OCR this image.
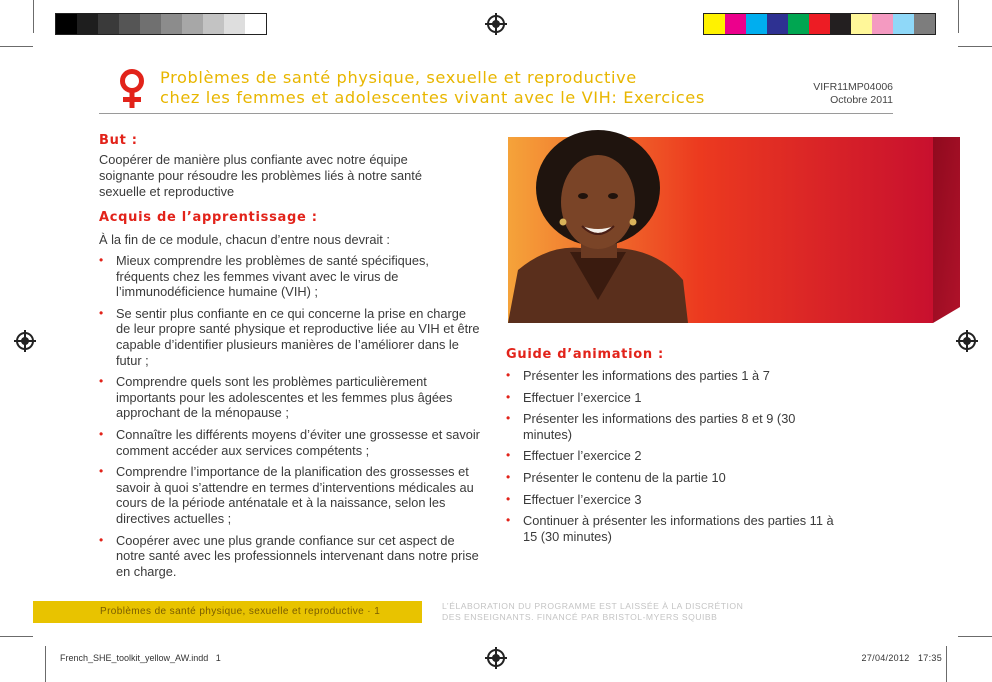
Problèmes de santé physique, sexuelle et reproductive
chez les femmes et adolescentes vivant avec le VIH: Exercices
VIFR11MP04006
Octobre 2011
But :
Coopérer de manière plus confiante avec notre équipe soignante pour résoudre les problèmes liés à notre santé sexuelle et reproductive
Acquis de l’apprentissage :
À la fin de ce module, chacun d’entre nous devrait :
• Mieux comprendre les problèmes de santé spécifiques, fréquents chez les femmes vivant avec le virus de l’immunodéficience humaine (VIH) ;
• Se sentir plus confiante en ce qui concerne la prise en charge de leur propre santé physique et reproductive liée au VIH et être capable d’identifier plusieurs manières de l’améliorer dans le futur ;
• Comprendre quels sont les problèmes particulièrement importants pour les adolescentes et les femmes plus âgées approchant de la ménopause ;
• Connaître les différents moyens d’éviter une grossesse et savoir comment accéder aux services compétents ;
• Comprendre l’importance de la planification des grossesses et savoir à quoi s’attendre en termes d’interventions médicales au cours de la période anténatale et à la naissance, selon les directives actuelles ;
• Coopérer avec une plus grande confiance sur cet aspect de notre santé avec les professionnels intervenant dans notre prise en charge.
Guide d’animation :
• Présenter les informations des parties 1 à 7
• Effectuer l’exercice 1
• Présenter les informations des parties 8 et 9 (30 minutes)
• Effectuer l’exercice 2
• Présenter le contenu de la partie 10
• Effectuer l’exercice 3
• Continuer à présenter les informations des parties 11 à 15 (30 minutes)
Problèmes de santé physique, sexuelle et reproductive · 1	L’ÉLABORATION DU PROGRAMME EST LAISSÉE À LA DISCRÉTION
DES ENSEIGNANTS. FINANCÉ PAR BRISTOL-MYERS SQUIBB
French_SHE_toolkit_yellow_AW.indd   1	27/04/2012   17:35
